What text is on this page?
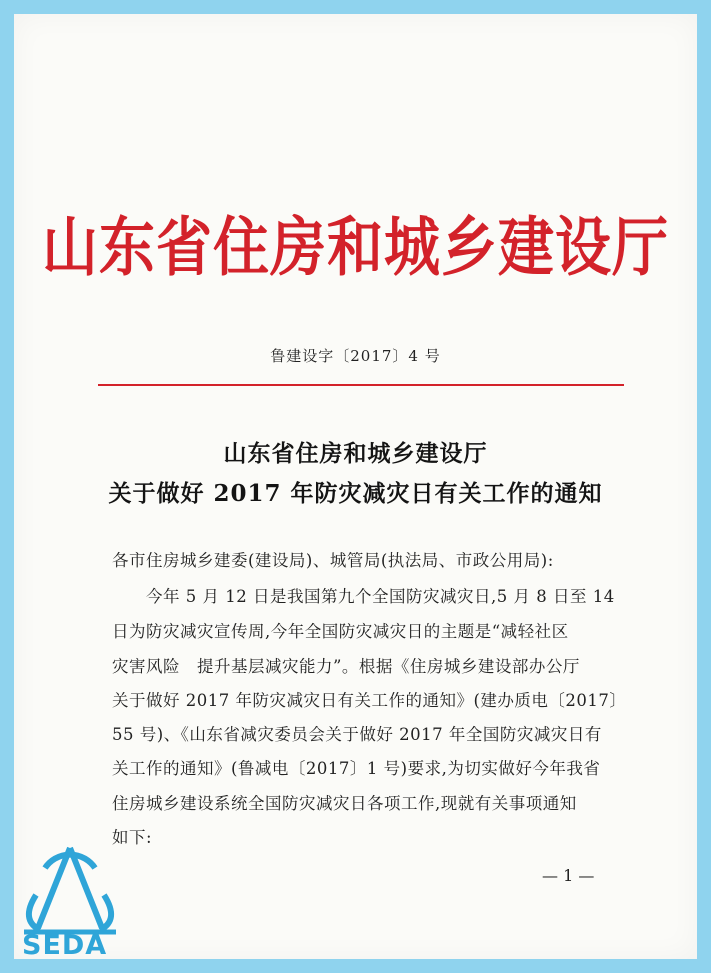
山东省住房和城乡建设厅
鲁建设字〔2017〕4 号
山东省住房和城乡建设厅
关于做好 2017 年防灾减灾日有关工作的通知
各市住房城乡建委(建设局)、城管局(执法局、市政公用局):
　　今年 5 月 12 日是我国第九个全国防灾减灾日,5 月 8 日至 14
日为防灾减灾宣传周,今年全国防灾减灾日的主题是“减轻社区
灾害风险　提升基层减灾能力”。根据《住房城乡建设部办公厅
关于做好 2017 年防灾减灾日有关工作的通知》(建办质电〔2017〕
55 号)、《山东省减灾委员会关于做好 2017 年全国防灾减灾日有
关工作的通知》(鲁减电〔2017〕1 号)要求,为切实做好今年我省
住房城乡建设系统全国防灾减灾日各项工作,现就有关事项通知
如下:
— 1 —
SEDA
